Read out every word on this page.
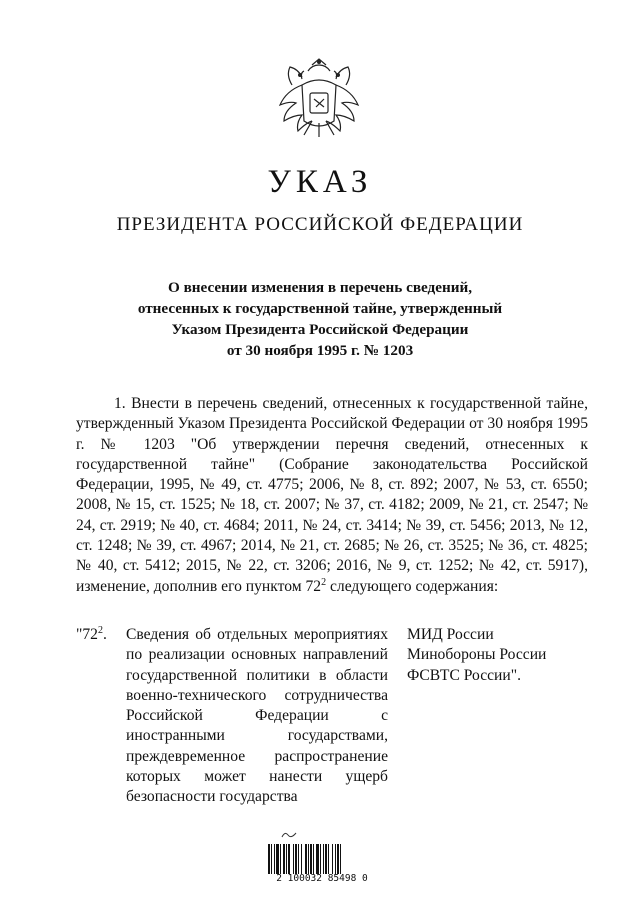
УКАЗ
ПРЕЗИДЕНТА РОССИЙСКОЙ ФЕДЕРАЦИИ
О внесении изменения в перечень сведений,
отнесенных к государственной тайне, утвержденный
Указом Президента Российской Федерации
от 30 ноября 1995 г. № 1203

1. Внести в перечень сведений, отнесенных к государственной тайне, утвержденный Указом Президента Российской Федерации от 30 ноября 1995 г. № 1203 "Об утверждении перечня сведений, отнесенных к государственной тайне" (Собрание законодательства Российской Федерации, 1995, № 49, ст. 4775; 2006, № 8, ст. 892; 2007, № 53, ст. 6550; 2008, № 15, ст. 1525; № 18, ст. 2007; № 37, ст. 4182; 2009, № 21, ст. 2547; № 24, ст. 2919; № 40, ст. 4684; 2011, № 24, ст. 3414; № 39, ст. 5456; 2013, № 12, ст. 1248; № 39, ст. 4967; 2014, № 21, ст. 2685; № 26, ст. 3525; № 36, ст. 4825; № 40, ст. 5412; 2015, № 22, ст. 3206; 2016, № 9, ст. 1252; № 42, ст. 5917), изменение, дополнив его пунктом $72^2$ следующего содержания:

"$72^2$.	Сведения об отдельных мероприятиях по реализации основных направлений государственной политики в области военно-технического сотрудничества Российской Федерации с иностранными государствами, преждевременное распространение которых может нанести ущерб безопасности государства
МИД России
Минобороны России
ФСВТС России".
2 100032 85498 0
